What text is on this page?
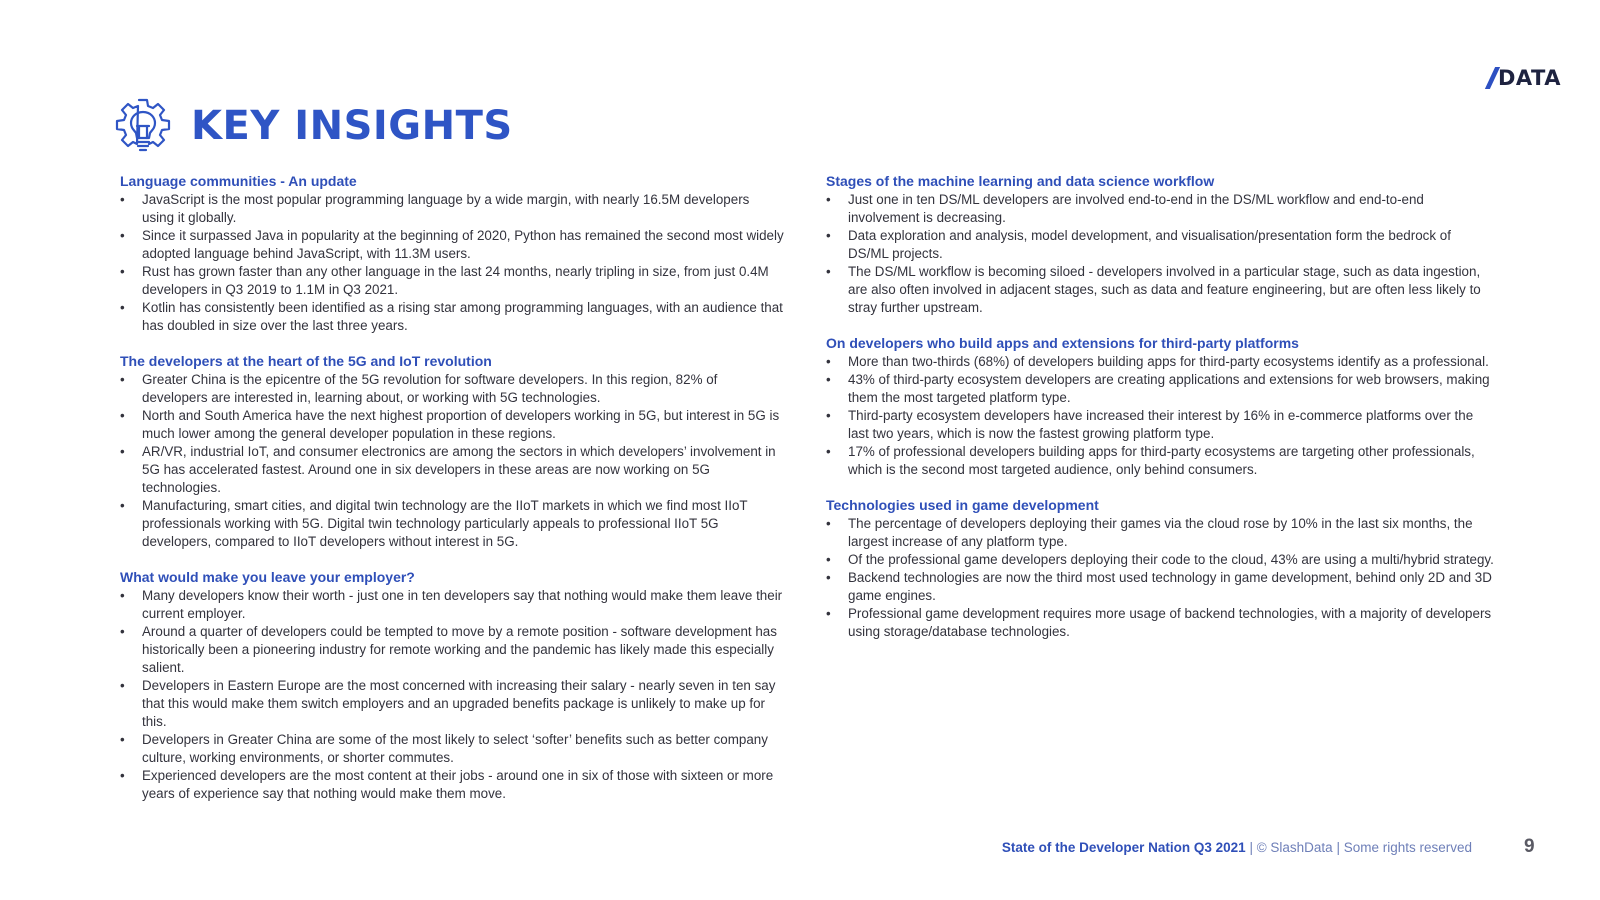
DATA
KEY INSIGHTS
Language communities - An update
• JavaScript is the most popular programming language by a wide margin, with nearly 16.5M developers using it globally.
• Since it surpassed Java in popularity at the beginning of 2020, Python has remained the second most widely adopted language behind JavaScript, with 11.3M users.
• Rust has grown faster than any other language in the last 24 months, nearly tripling in size, from just 0.4M developers in Q3 2019 to 1.1M in Q3 2021.
• Kotlin has consistently been identified as a rising star among programming languages, with an audience that has doubled in size over the last three years.
The developers at the heart of the 5G and IoT revolution
• Greater China is the epicentre of the 5G revolution for software developers. In this region, 82% of developers are interested in, learning about, or working with 5G technologies.
• North and South America have the next highest proportion of developers working in 5G, but interest in 5G is much lower among the general developer population in these regions.
• AR/VR, industrial IoT, and consumer electronics are among the sectors in which developers’ involvement in 5G has accelerated fastest. Around one in six developers in these areas are now working on 5G technologies.
• Manufacturing, smart cities, and digital twin technology are the IIoT markets in which we find most IIoT professionals working with 5G. Digital twin technology particularly appeals to professional IIoT 5G developers, compared to IIoT developers without interest in 5G.
What would make you leave your employer?
• Many developers know their worth - just one in ten developers say that nothing would make them leave their current employer.
• Around a quarter of developers could be tempted to move by a remote position - software development has historically been a pioneering industry for remote working and the pandemic has likely made this especially salient.
• Developers in Eastern Europe are the most concerned with increasing their salary - nearly seven in ten say that this would make them switch employers and an upgraded benefits package is unlikely to make up for this.
• Developers in Greater China are some of the most likely to select ‘softer’ benefits such as better company culture, working environments, or shorter commutes.
• Experienced developers are the most content at their jobs - around one in six of those with sixteen or more years of experience say that nothing would make them move.
Stages of the machine learning and data science workflow
• Just one in ten DS/ML developers are involved end-to-end in the DS/ML workflow and end-to-end involvement is decreasing.
• Data exploration and analysis, model development, and visualisation/presentation form the bedrock of DS/ML projects.
• The DS/ML workflow is becoming siloed - developers involved in a particular stage, such as data ingestion, are also often involved in adjacent stages, such as data and feature engineering, but are often less likely to stray further upstream.
On developers who build apps and extensions for third-party platforms
• More than two-thirds (68%) of developers building apps for third-party ecosystems identify as a professional.
• 43% of third-party ecosystem developers are creating applications and extensions for web browsers, making them the most targeted platform type.
• Third-party ecosystem developers have increased their interest by 16% in e-commerce platforms over the last two years, which is now the fastest growing platform type.
• 17% of professional developers building apps for third-party ecosystems are targeting other professionals, which is the second most targeted audience, only behind consumers.
Technologies used in game development
• The percentage of developers deploying their games via the cloud rose by 10% in the last six months, the largest increase of any platform type.
• Of the professional game developers deploying their code to the cloud, 43% are using a multi/hybrid strategy.
• Backend technologies are now the third most used technology in game development, behind only 2D and 3D game engines.
• Professional game development requires more usage of backend technologies, with a majority of developers using storage/database technologies.
State of the Developer Nation Q3 2021 | © SlashData | Some rights reserved	9
